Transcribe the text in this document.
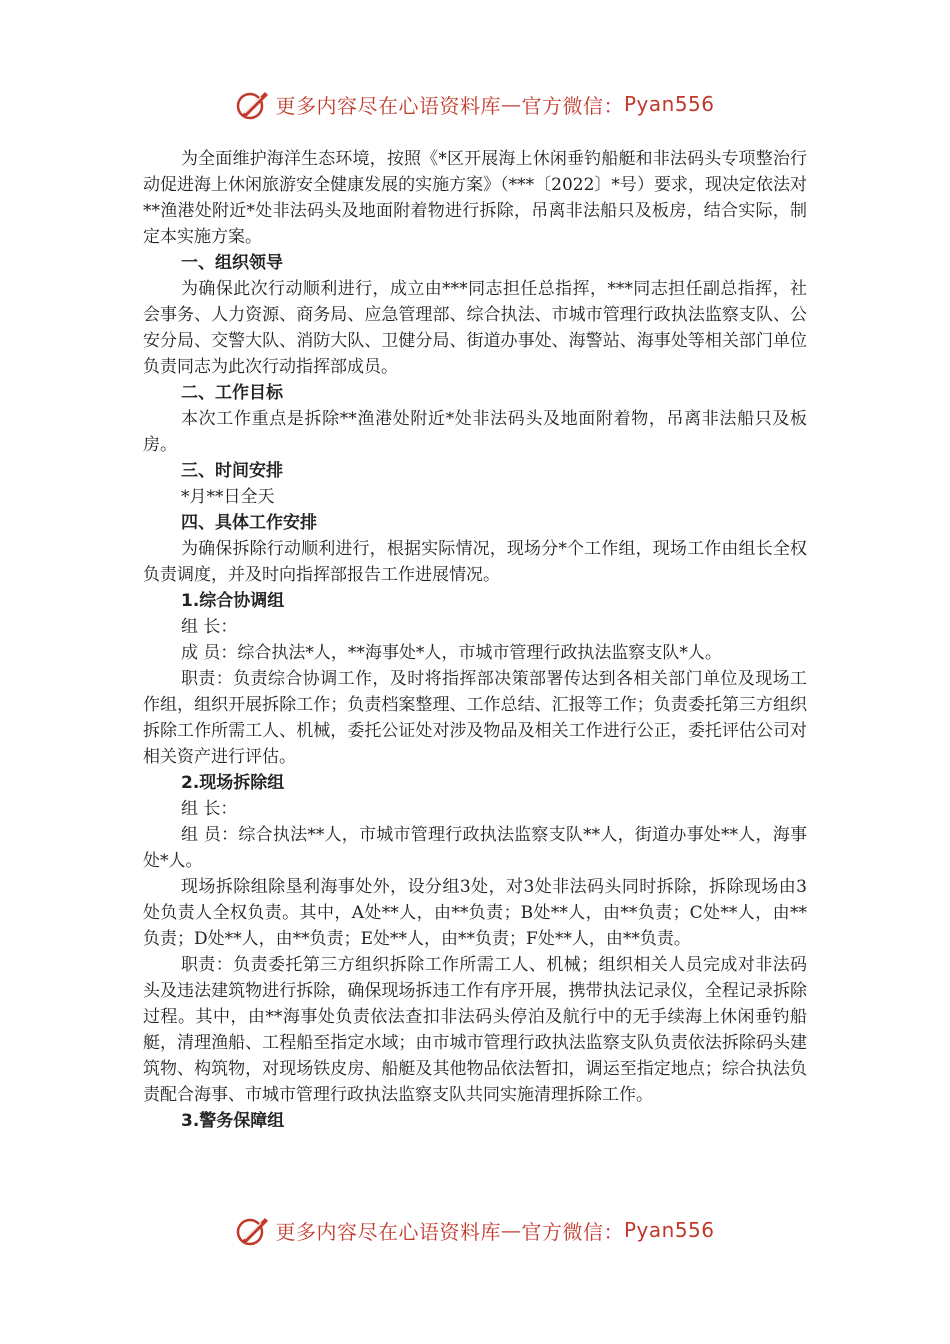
更多内容尽在心语资料库 — 官方微信： Pyan556

为全面维护海洋生态环境，按照《*区开展海上休闲垂钓船艇和非法码头专项整治行动促进海上休闲旅游安全健康发展的实施方案》（***〔2022〕*号）要求，现决定依法对**渔港处附近*处非法码头及地面附着物进行拆除，吊离非法船只及板房，结合实际，制定本实施方案。

一、组织领导

为确保此次行动顺利进行，成立由***同志担任总指挥，***同志担任副总指挥，社会事务、人力资源、商务局、应急管理部、综合执法、市城市管理行政执法监察支队、公安分局、交警大队、消防大队、卫健分局、街道办事处、海警站、海事处等相关部门单位负责同志为此次行动指挥部成员。

二、工作目标

本次工作重点是拆除**渔港处附近*处非法码头及地面附着物，吊离非法船只及板房。

三、时间安排

*月**日全天

四、具体工作安排

为确保拆除行动顺利进行，根据实际情况，现场分*个工作组，现场工作由组长全权负责调度，并及时向指挥部报告工作进展情况。

1.综合协调组

组 长：

成 员：综合执法*人，**海事处*人，市城市管理行政执法监察支队*人。

职责：负责综合协调工作，及时将指挥部决策部署传达到各相关部门单位及现场工作组，组织开展拆除工作；负责档案整理、工作总结、汇报等工作；负责委托第三方组织拆除工作所需工人、机械，委托公证处对涉及物品及相关工作进行公正，委托评估公司对相关资产进行评估。

2.现场拆除组

组 长：

组 员：综合执法**人，市城市管理行政执法监察支队**人，街道办事处**人，海事处*人。

现场拆除组除垦利海事处外，设分组3处，对3处非法码头同时拆除，拆除现场由3处负责人全权负责。其中，A处**人，由**负责；B处**人，由**负责；C处**人，由**负责；D处**人，由**负责；E处**人，由**负责；F处**人，由**负责。

职责：负责委托第三方组织拆除工作所需工人、机械；组织相关人员完成对非法码头及违法建筑物进行拆除，确保现场拆违工作有序开展，携带执法记录仪，全程记录拆除过程。其中，由**海事处负责依法查扣非法码头停泊及航行中的无手续海上休闲垂钓船艇，清理渔船、工程船至指定水域；由市城市管理行政执法监察支队负责依法拆除码头建筑物、构筑物，对现场铁皮房、船艇及其他物品依法暂扣，调运至指定地点；综合执法负责配合海事、市城市管理行政执法监察支队共同实施清理拆除工作。

3.警务保障组
更多内容尽在心语资料库 — 官方微信： Pyan556
